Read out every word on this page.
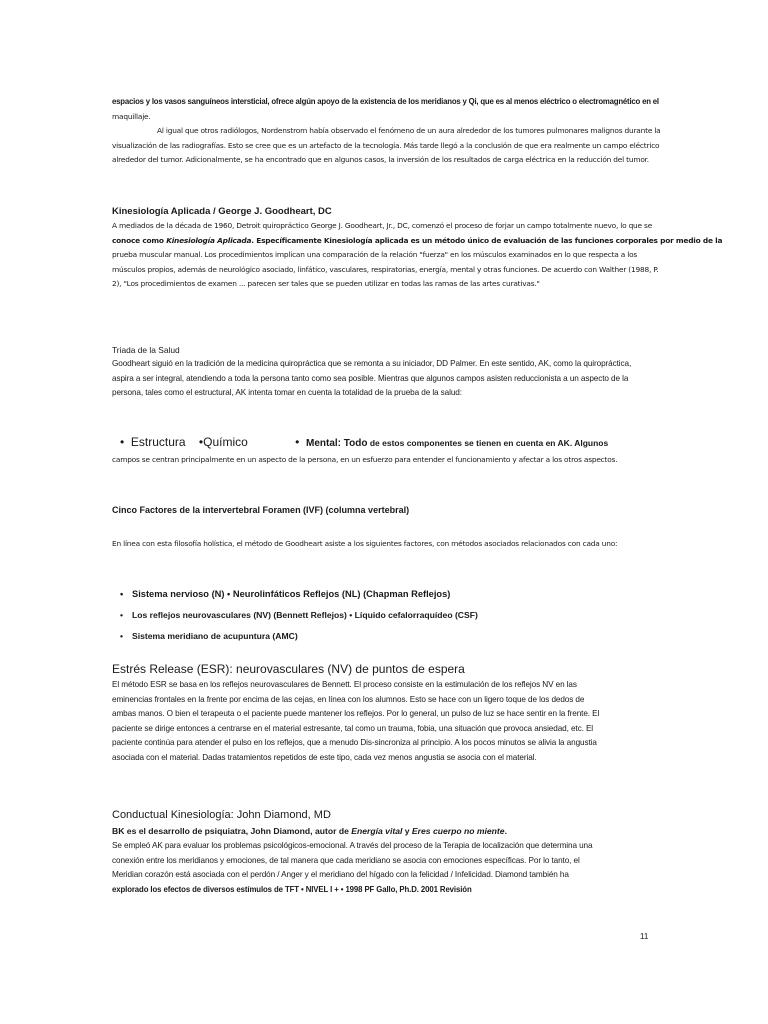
espacios y los vasos sanguíneos intersticial, ofrece algún apoyo de la existencia de los meridianos y Qi, que es al menos eléctrico o electromagnético en el
maquillaje.
Al igual que otros radiólogos, Nordenstrom había observado el fenómeno de un aura alrededor de los tumores pulmonares malignos durante la
visualización de las radiografías. Esto se cree que es un artefacto de la tecnología. Más tarde llegó a la conclusión de que era realmente un campo eléctrico
alrededor del tumor. Adicionalmente, se ha encontrado que en algunos casos, la inversión de los resultados de carga eléctrica en la reducción del tumor.
Kinesiología Aplicada / George J. Goodheart, DC
A mediados de la década de 1960, Detroit quiropráctico George J. Goodheart, Jr., DC, comenzó el proceso de forjar un campo totalmente nuevo, lo que se
conoce como Kinesiología Aplicada. Específicamente Kinesiología aplicada es un método único de evaluación de las funciones corporales por medio de la
prueba muscular manual. Los procedimientos implican una comparación de la relación "fuerza" en los músculos examinados en lo que respecta a los
músculos propios, además de neurológico asociado, linfático, vasculares, respiratorias, energía, mental y otras funciones. De acuerdo con Walther (1988, P.
2), "Los procedimientos de examen ... parecen ser tales que se pueden utilizar en todas las ramas de las artes curativas."
Triada de la Salud
Goodheart siguió en la tradición de la medicina quiropráctica que se remonta a su iniciador, DD Palmer. En este sentido, AK, como la quiropráctica,
aspira a ser integral, atendiendo a toda la persona tanto como sea posible. Mientras que algunos campos asisten reduccionista a un aspecto de la
persona, tales como el estructural, AK intenta tomar en cuenta la totalidad de la prueba de la salud:
•  Estructura •Químico	•  Mental: Todo de estos componentes se tienen en cuenta en AK. Algunos
campos se centran principalmente en un aspecto de la persona, en un esfuerzo para entender el funcionamiento y afectar a los otros aspectos.
Cinco Factores de la intervertebral Foramen (IVF) (columna vertebral)
En línea con esta filosofía holística, el método de Goodheart asiste a los siguientes factores, con métodos asociados relacionados con cada uno:
• Sistema nervioso (N) • Neurolinfáticos Reflejos (NL) (Chapman Reflejos)
• Los reflejos neurovasculares (NV) (Bennett Reflejos) • Líquido cefalorraquídeo (CSF)
• Sistema meridiano de acupuntura (AMC)
Estrés Release (ESR): neurovasculares (NV) de puntos de espera
El método ESR se basa en los reflejos neurovasculares de Bennett. El proceso consiste en la estimulación de los reflejos NV en las
eminencias frontales en la frente por encima de las cejas, en línea con los alumnos. Esto se hace con un ligero toque de los dedos de
ambas manos. O bien el terapeuta o el paciente puede mantener los reflejos. Por lo general, un pulso de luz se hace sentir en la frente. El
paciente se dirige entonces a centrarse en el material estresante, tal como un trauma, fobia, una situación que provoca ansiedad, etc. El
paciente continúa para atender el pulso en los reflejos, que a menudo Dis-sincroniza al principio. A los pocos minutos se alivia la angustia
asociada con el material. Dadas tratamientos repetidos de este tipo, cada vez menos angustia se asocia con el material.
Conductual Kinesiología: John Diamond, MD
BK es el desarrollo de psiquiatra, John Diamond, autor de Energía vital y Eres cuerpo no miente.
Se empleó AK para evaluar los problemas psicológicos-emocional. A través del proceso de la Terapia de localización que determina una
conexión entre los meridianos y emociones, de tal manera que cada meridiano se asocia con emociones específicas. Por lo tanto, el
Meridian corazón está asociada con el perdón / Anger y el meridiano del hígado con la felicidad / Infelicidad. Diamond también ha
explorado los efectos de diversos estímulos de TFT • NIVEL I + • 1998 PF Gallo, Ph.D. 2001 Revisión
11
